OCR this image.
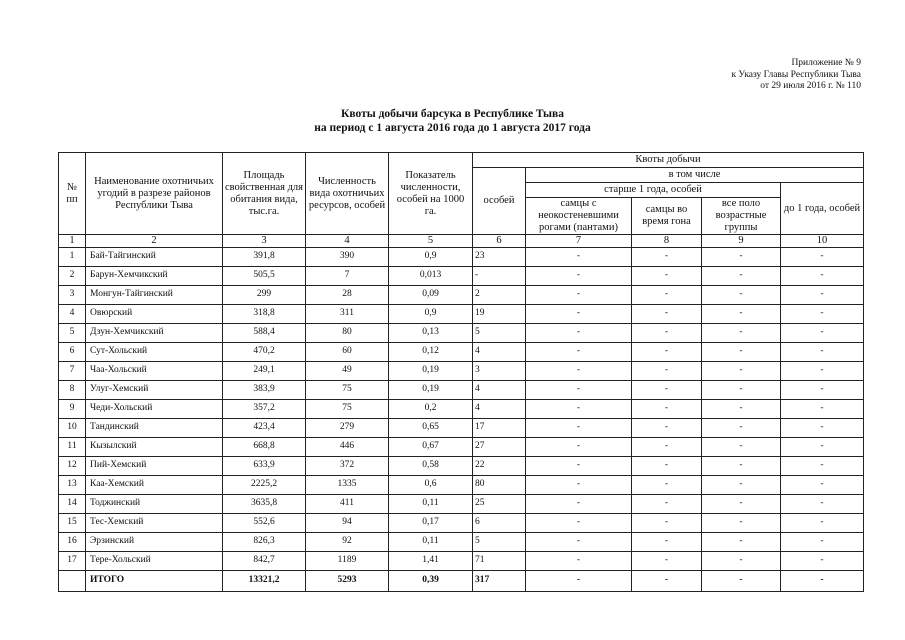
Приложение № 9
к Указу Главы Республики Тыва
от 29 июля 2016 г. № 110
Квоты добычи барсука в Республике Тыва
на период с 1 августа 2016 года до 1 августа 2017 года
№ пп	Наименование охотничьих угодий в разрезе районов Республики Тыва	Площадь свойственная для обитания вида, тыс.га.	Численность вида охотничьих ресурсов, особей	Показатель численности, особей на 1000 га.	Квоты добычи				
					особей	в том числе			
						старше 1 года, особей			до 1 года, особей
						самцы с неокостеневшими рогами (пантами)	самцы во время гона	все поло возрастные группы	
1	2	3	4	5	6	7	8	9	10
1	Бай-Тайгинский	391,8	390	0,9	23	-	-	-	-
2	Барун-Хемчикский	505,5	7	0,013	-	-	-	-	-
3	Монгун-Тайгинский	299	28	0,09	2	-	-	-	-
4	Овюрский	318,8	311	0,9	19	-	-	-	-
5	Дзун-Хемчикский	588,4	80	0,13	5	-	-	-	-
6	Сут-Хольский	470,2	60	0,12	4	-	-	-	-
7	Чаа-Хольский	249,1	49	0,19	3	-	-	-	-
8	Улуг-Хемский	383,9	75	0,19	4	-	-	-	-
9	Чеди-Хольский	357,2	75	0,2	4	-	-	-	-
10	Тандинский	423,4	279	0,65	17	-	-	-	-
11	Кызылский	668,8	446	0,67	27	-	-	-	-
12	Пий-Хемский	633,9	372	0,58	22	-	-	-	-
13	Каа-Хемский	2225,2	1335	0,6	80	-	-	-	-
14	Тоджинский	3635,8	411	0,11	25	-	-	-	-
15	Тес-Хемский	552,6	94	0,17	6	-	-	-	-
16	Эрзинский	826,3	92	0,11	5	-	-	-	-
17	Тере-Хольский	842,7	1189	1,41	71	-	-	-	-
	ИТОГО	13321,2	5293	0,39	317	-	-	-	-
